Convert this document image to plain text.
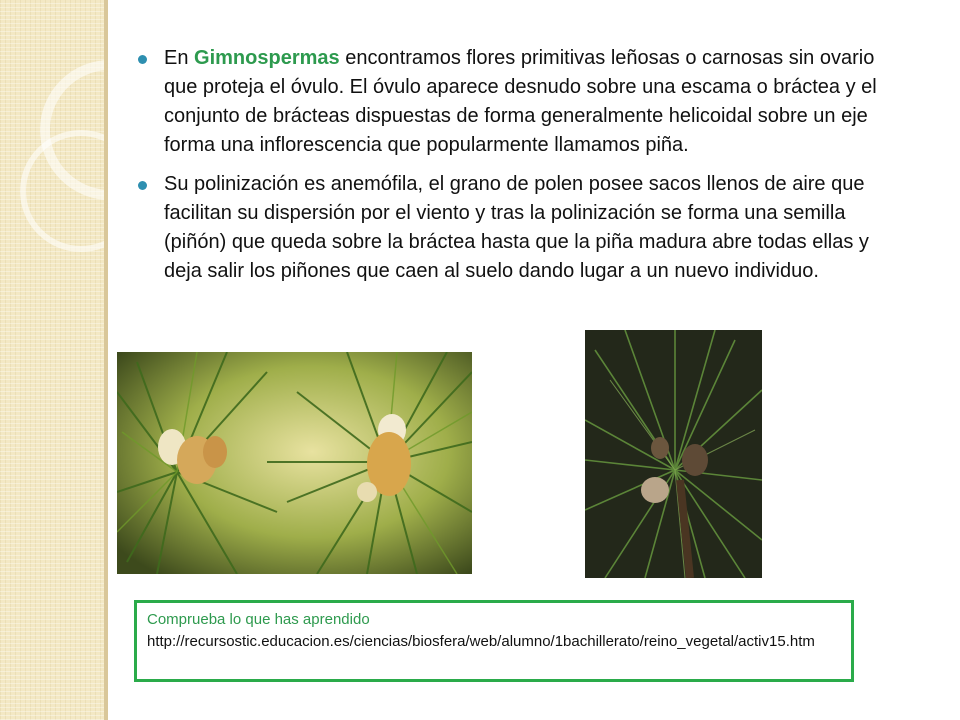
En Gimnospermas encontramos flores primitivas leñosas o carnosas sin ovario que proteja el óvulo. El óvulo aparece desnudo sobre una escama o bráctea y el conjunto de brácteas dispuestas de forma generalmente helicoidal sobre un eje forma una inflorescencia que popularmente llamamos piña.

Su polinización es anemófila, el grano de polen posee sacos llenos de aire que facilitan su dispersión por el viento y tras la polinización se forma una semilla (piñón) que queda sobre la bráctea hasta que la piña madura abre todas ellas y deja salir los piñones que caen al suelo dando lugar a un nuevo individuo.

Comprueba lo que has aprendido
http://recursostic.educacion.es/ciencias/biosfera/web/alumno/1bachillerato/reino_vegetal/activ15.htm
